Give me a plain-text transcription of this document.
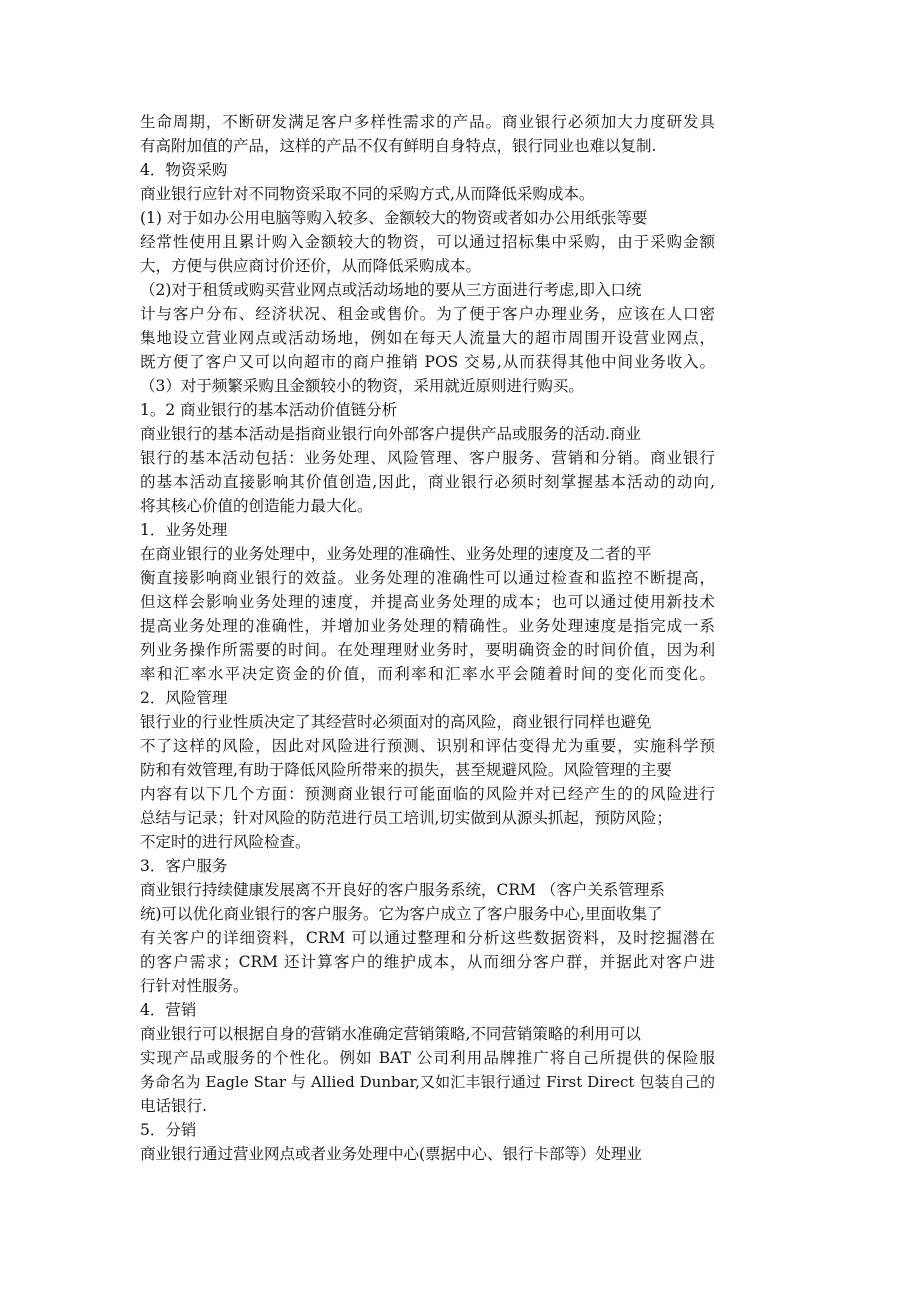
生命周期，不断研发满足客户多样性需求的产品。商业银行必须加大力度研发具
有高附加值的产品，这样的产品不仅有鲜明自身特点，银行同业也难以复制.
4．物资采购
商业银行应针对不同物资采取不同的采购方式,从而降低采购成本。
(1) 对于如办公用电脑等购入较多、金额较大的物资或者如办公用纸张等要
经常性使用且累计购入金额较大的物资，可以通过招标集中采购，由于采购金额
大，方便与供应商讨价还价，从而降低采购成本。
（2)对于租赁或购买营业网点或活动场地的要从三方面进行考虑,即入口统
计与客户分布、经济状况、租金或售价。为了便于客户办理业务，应该在人口密
集地设立营业网点或活动场地，例如在每天人流量大的超市周围开设营业网点，
既方便了客户又可以向超市的商户推销 POS 交易,从而获得其他中间业务收入。
（3）对于频繁采购且金额较小的物资，采用就近原则进行购买。
1。2 商业银行的基本活动价值链分析
商业银行的基本活动是指商业银行向外部客户提供产品或服务的活动.商业
银行的基本活动包括：业务处理、风险管理、客户服务、营销和分销。商业银行
的基本活动直接影响其价值创造,因此，商业银行必须时刻掌握基本活动的动向,
将其核心价值的创造能力最大化。
1．业务处理
在商业银行的业务处理中，业务处理的准确性、业务处理的速度及二者的平
衡直接影响商业银行的效益。业务处理的准确性可以通过检查和监控不断提高，
但这样会影响业务处理的速度，并提高业务处理的成本；也可以通过使用新技术
提高业务处理的准确性，并增加业务处理的精确性。业务处理速度是指完成一系
列业务操作所需要的时间。在处理理财业务时，要明确资金的时间价值，因为利
率和汇率水平决定资金的价值，而利率和汇率水平会随着时间的变化而变化。
2．风险管理
银行业的行业性质决定了其经营时必须面对的高风险，商业银行同样也避免
不了这样的风险，因此对风险进行预测、识别和评估变得尤为重要，实施科学预
防和有效管理,有助于降低风险所带来的损失，甚至规避风险。风险管理的主要
内容有以下几个方面：预测商业银行可能面临的风险并对已经产生的的风险进行
总结与记录；针对风险的防范进行员工培训,切实做到从源头抓起，预防风险；
不定时的进行风险检查。
3．客户服务
商业银行持续健康发展离不开良好的客户服务系统，CRM （客户关系管理系
统)可以优化商业银行的客户服务。它为客户成立了客户服务中心,里面收集了
有关客户的详细资料，CRM 可以通过整理和分析这些数据资料，及时挖掘潜在
的客户需求；CRM 还计算客户的维护成本，从而细分客户群，并据此对客户进
行针对性服务。
4．营销
商业银行可以根据自身的营销水准确定营销策略,不同营销策略的利用可以
实现产品或服务的个性化。例如 BAT 公司利用品牌推广将自己所提供的保险服
务命名为 Eagle Star 与 Allied Dunbar,又如汇丰银行通过 First Direct 包装自己的
电话银行.
5．分销
商业银行通过营业网点或者业务处理中心(票据中心、银行卡部等）处理业
